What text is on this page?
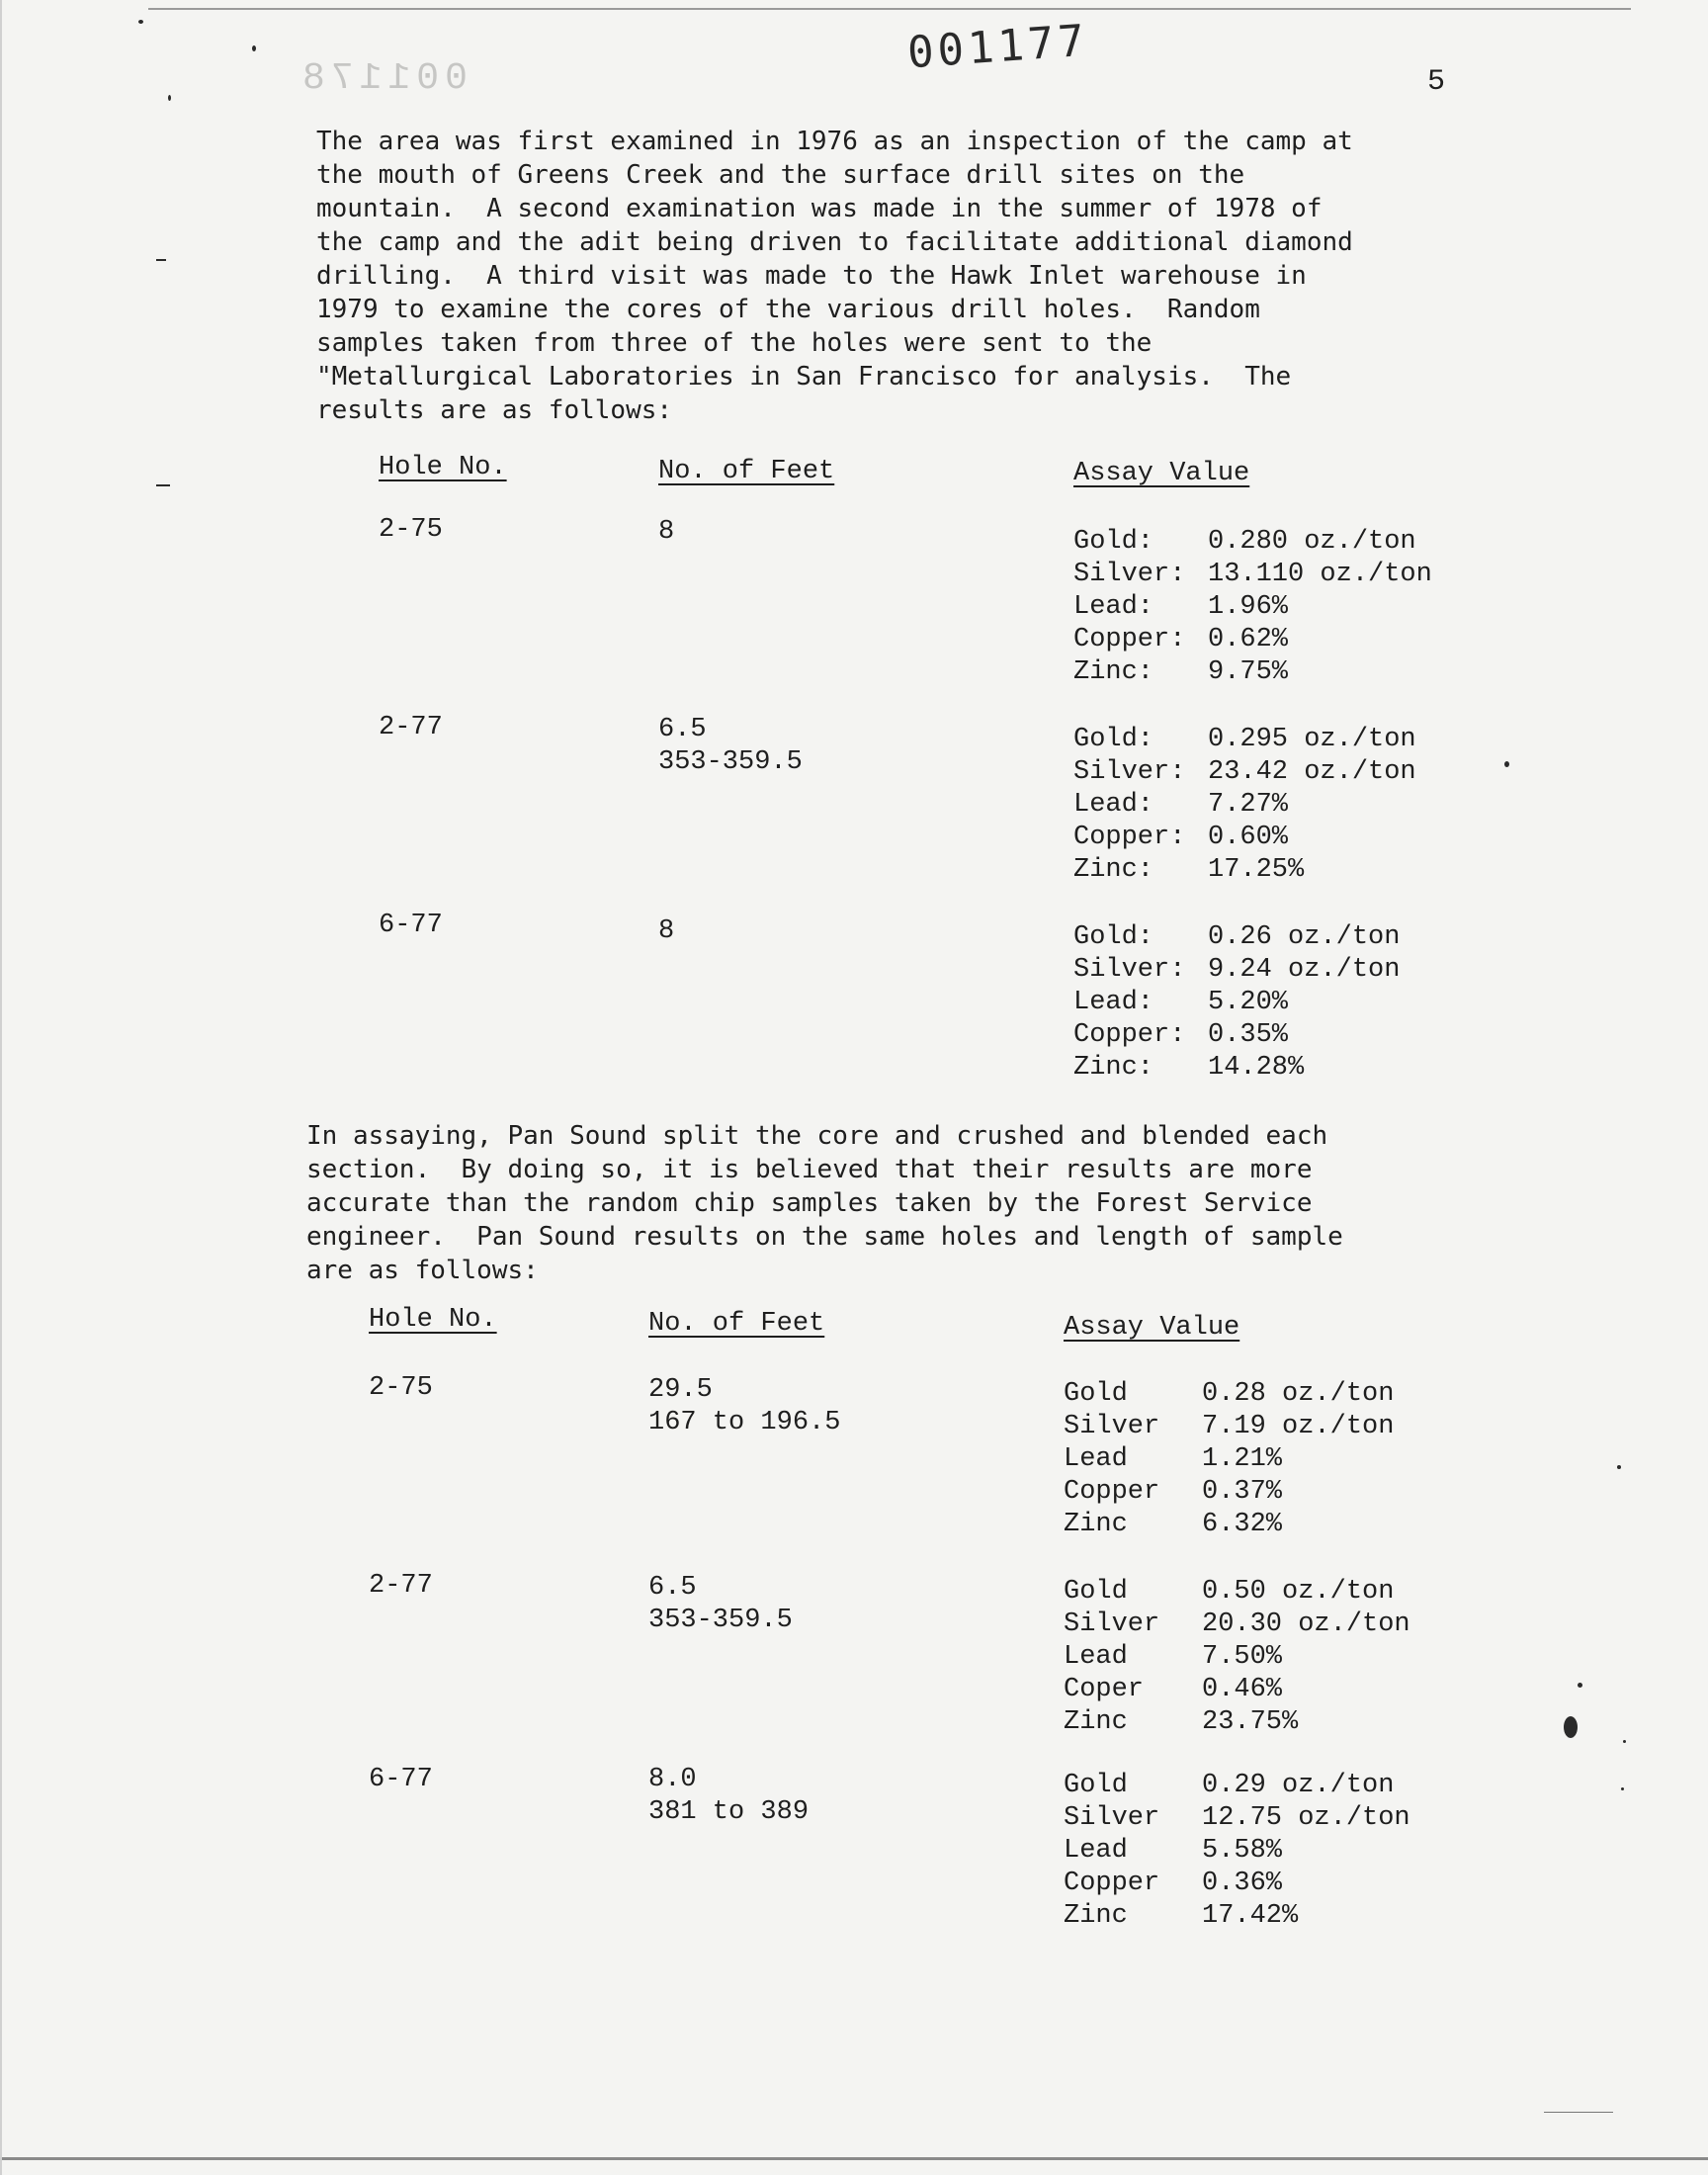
001178
001177
5
The area was first examined in 1976 as an inspection of the camp at
the mouth of Greens Creek and the surface drill sites on the
mountain.  A second examination was made in the summer of 1978 of
the camp and the adit being driven to facilitate additional diamond
drilling.  A third visit was made to the Hawk Inlet warehouse in
1979 to examine the cores of the various drill holes.  Random
samples taken from three of the holes were sent to the
"Metallurgical Laboratories in San Francisco for analysis.  The
results are as follows:
Hole No.	No. of Feet	Assay Value
2-75	8	Gold: 0.280 oz./ton
Silver: 13.110 oz./ton
Lead: 1.96%
Copper: 0.62%
Zinc: 9.75%
2-77	6.5
353-359.5
Gold: 0.295 oz./ton
Silver: 23.42 oz./ton
Lead: 7.27%
Copper: 0.60%
Zinc: 17.25%
6-77	8	Gold: 0.26 oz./ton
Silver: 9.24 oz./ton
Lead: 5.20%
Copper: 0.35%
Zinc: 14.28%
In assaying, Pan Sound split the core and crushed and blended each
section.  By doing so, it is believed that their results are more
accurate than the random chip samples taken by the Forest Service
engineer.  Pan Sound results on the same holes and length of sample
are as follows:
Hole No.	No. of Feet	Assay Value
2-75	29.5
167 to 196.5
Gold	0.28 oz./ton
Silver 7.19 oz./ton
Lead	1.21%
Copper 0.37%
Zinc	6.32%
2-77	6.5
353-359.5
Gold	0.50 oz./ton
Silver 20.30 oz./ton
Lead	7.50%
Coper 0.46%
Zinc	23.75%
6-77	8.0
381 to 389
Gold	0.29 oz./ton
Silver 12.75 oz./ton
Lead	5.58%
Copper 0.36%
Zinc	17.42%
